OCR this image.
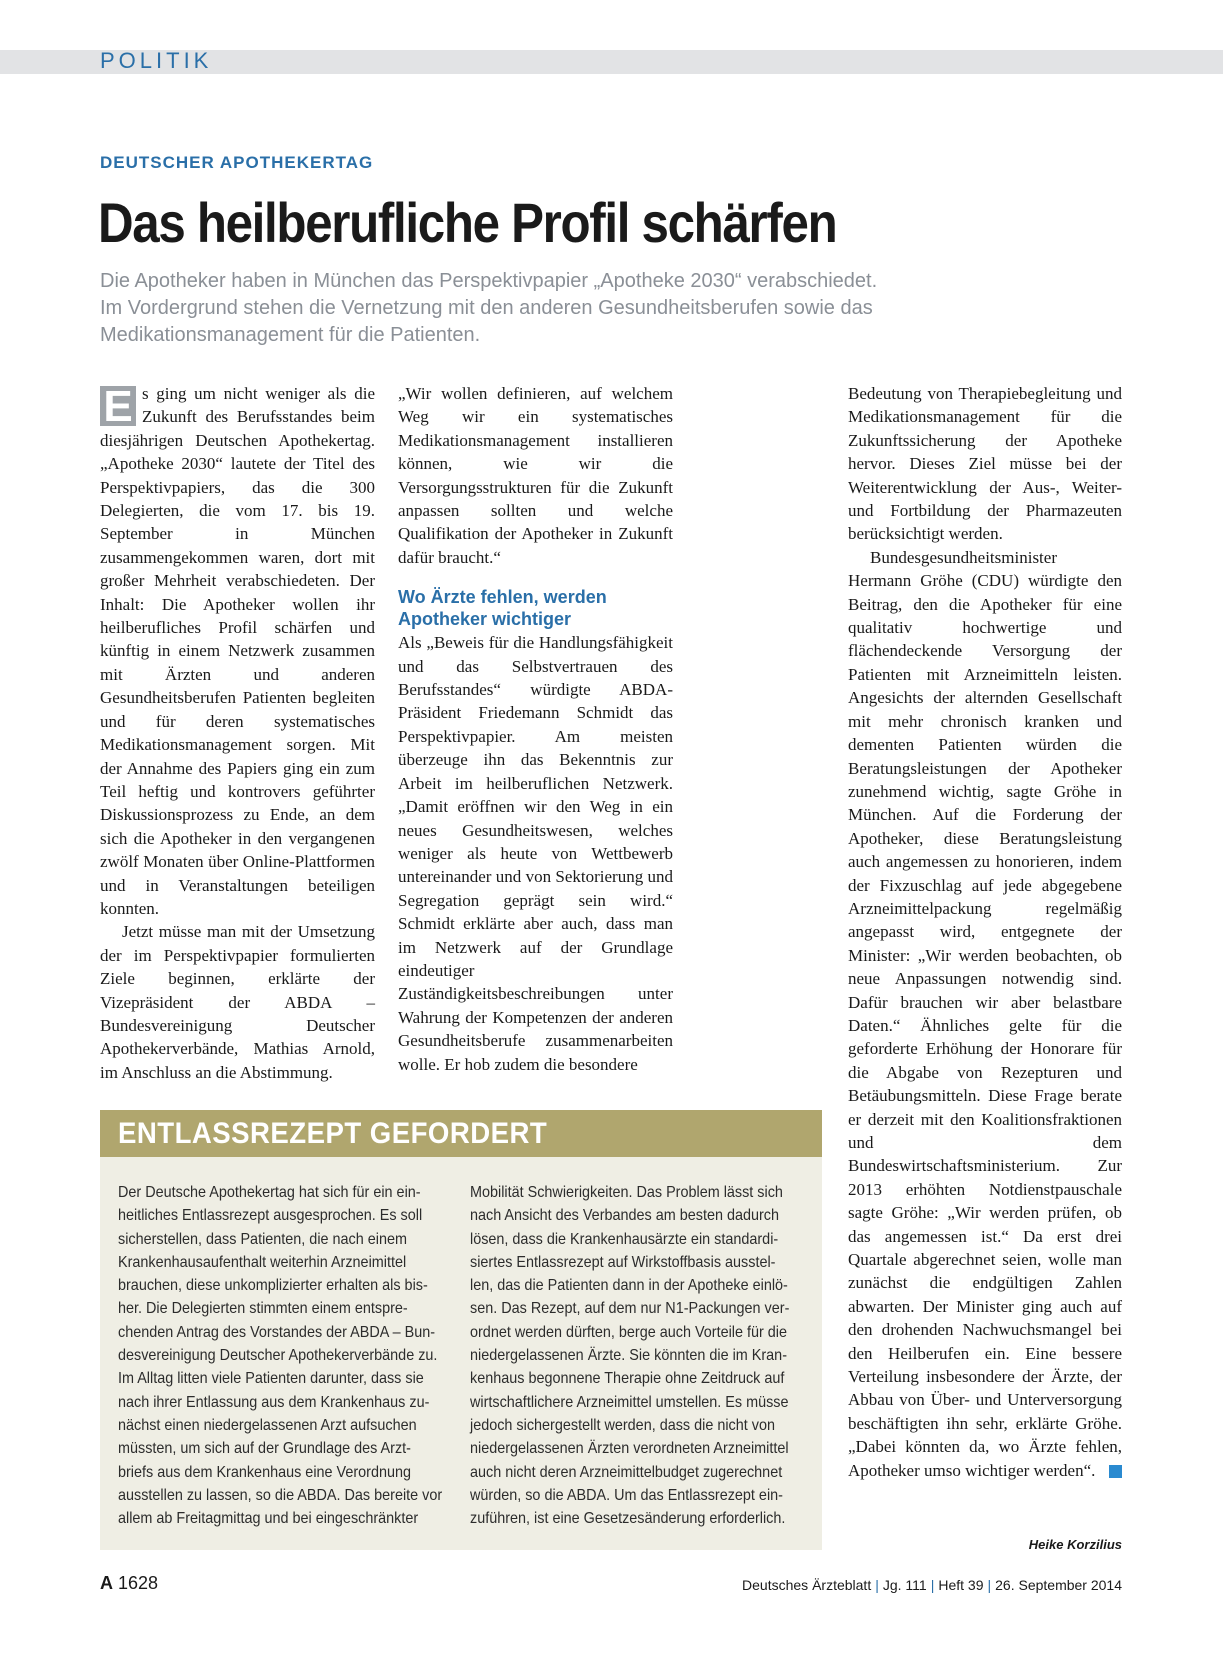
POLITIK
DEUTSCHER APOTHEKERTAG
Das heilberufliche Profil schärfen
Die Apotheker haben in München das Perspektivpapier „Apotheke 2030“ verabschiedet.
Im Vordergrund stehen die Vernetzung mit den anderen Gesundheitsberufen sowie das
Medikationsmanagement für die Patienten.

E s ging um nicht weniger als die Zukunft des Berufsstandes beim diesjährigen Deutschen Apothekertag. „Apotheke 2030“ lautete der Titel des Perspektivpapiers, das die 300 Delegierten, die vom 17. bis 19. September in München zusammengekommen waren, dort mit großer Mehrheit verabschiedeten. Der Inhalt: Die Apotheker wollen ihr heilberufliches Profil schärfen und künftig in einem Netzwerk zusammen mit Ärzten und anderen Gesundheitsberufen Patienten begleiten und für deren systematisches Medikationsmanagement sorgen. Mit der Annahme des Papiers ging ein zum Teil heftig und kontrovers geführter Diskussionsprozess zu Ende, an dem sich die Apotheker in den vergangenen zwölf Monaten über Online-Plattformen und in Veranstaltungen beteiligen konnten.

Jetzt müsse man mit der Umsetzung der im Perspektivpapier formulierten Ziele beginnen, erklärte der Vizepräsident der ABDA – Bundesvereinigung Deutscher Apothekerverbände, Mathias Arnold, im Anschluss an die Abstimmung.

„Wir wollen definieren, auf welchem Weg wir ein systematisches Medikationsmanagement installieren können, wie wir die Versorgungsstrukturen für die Zukunft anpassen sollten und welche Qualifikation der Apotheker in Zukunft dafür braucht.“

Wo Ärzte fehlen, werden Apotheker wichtiger

Als „Beweis für die Handlungsfähigkeit und das Selbstvertrauen des Berufsstandes“ würdigte ABDA-Präsident Friedemann Schmidt das Perspektivpapier. Am meisten überzeuge ihn das Bekenntnis zur Arbeit im heilberuflichen Netzwerk. „Damit eröffnen wir den Weg in ein neues Gesundheitswesen, welches weniger als heute von Wettbewerb untereinander und von Sektorierung und Segregation geprägt sein wird.“ Schmidt erklärte aber auch, dass man im Netzwerk auf der Grundlage eindeutiger Zuständigkeitsbeschreibungen unter Wahrung der Kompetenzen der anderen Gesundheitsberufe zusammenarbeiten wolle. Er hob zudem die besondere

Bedeutung von Therapiebegleitung und Medikationsmanagement für die Zukunftssicherung der Apotheke hervor. Dieses Ziel müsse bei der Weiterentwicklung der Aus-, Weiter- und Fortbildung der Pharmazeuten berücksichtigt werden.

Bundesgesundheitsminister Hermann Gröhe (CDU) würdigte den Beitrag, den die Apotheker für eine qualitativ hochwertige und flächendeckende Versorgung der Patienten mit Arzneimitteln leisten. Angesichts der alternden Gesellschaft mit mehr chronisch kranken und dementen Patienten würden die Beratungsleistungen der Apotheker zunehmend wichtig, sagte Gröhe in München. Auf die Forderung der Apotheker, diese Beratungsleistung auch angemessen zu honorieren, indem der Fixzuschlag auf jede abgegebene Arzneimittelpackung regelmäßig angepasst wird, entgegnete der Minister: „Wir werden beobachten, ob neue Anpassungen notwendig sind. Dafür brauchen wir aber belastbare Daten.“ Ähnliches gelte für die geforderte Erhöhung der Honorare für die Abgabe von Rezepturen und Betäubungsmitteln. Diese Frage berate er derzeit mit den Koalitionsfraktionen und dem Bundeswirtschaftsministerium. Zur 2013 erhöhten Notdienstpauschale sagte Gröhe: „Wir werden prüfen, ob das angemessen ist.“ Da erst drei Quartale abgerechnet seien, wolle man zunächst die endgültigen Zahlen abwarten. Der Minister ging auch auf den drohenden Nachwuchsmangel bei den Heilberufen ein. Eine bessere Verteilung insbesondere der Ärzte, der Abbau von Über- und Unterversorgung beschäftigten ihn sehr, erklärte Gröhe. „Dabei könnten da, wo Ärzte fehlen, Apotheker umso wichtiger werden“.

Heike Korzilius
ENTLASSREZEPT GEFORDERT
Der Deutsche Apothekertag hat sich für ein ein-
heitliches Entlassrezept ausgesprochen. Es soll
sicherstellen, dass Patienten, die nach einem
Krankenhausaufenthalt weiterhin Arzneimittel
brauchen, diese unkomplizierter erhalten als bis-
her. Die Delegierten stimmten einem entspre-
chenden Antrag des Vorstandes der ABDA – Bun-
desvereinigung Deutscher Apothekerverbände zu.
Im Alltag litten viele Patienten darunter, dass sie
nach ihrer Entlassung aus dem Krankenhaus zu-
nächst einen niedergelassenen Arzt aufsuchen
müssten, um sich auf der Grundlage des Arzt-
briefs aus dem Krankenhaus eine Verordnung
ausstellen zu lassen, so die ABDA. Das bereite vor
allem ab Freitagmittag und bei eingeschränkter
Mobilität Schwierigkeiten. Das Problem lässt sich
nach Ansicht des Verbandes am besten dadurch
lösen, dass die Krankenhausärzte ein standardi-
siertes Entlassrezept auf Wirkstoffbasis ausstel-
len, das die Patienten dann in der Apotheke einlö-
sen. Das Rezept, auf dem nur N1-Packungen ver-
ordnet werden dürften, berge auch Vorteile für die
niedergelassenen Ärzte. Sie könnten die im Kran-
kenhaus begonnene Therapie ohne Zeitdruck auf
wirtschaftlichere Arzneimittel umstellen. Es müsse
jedoch sichergestellt werden, dass die nicht von
niedergelassenen Ärzten verordneten Arzneimittel
auch nicht deren Arzneimittelbudget zugerechnet
würden, so die ABDA. Um das Entlassrezept ein-
zuführen, ist eine Gesetzesänderung erforderlich.
A 1628	Deutsches Ärzteblatt | Jg. 111 | Heft 39 | 26. September 2014
